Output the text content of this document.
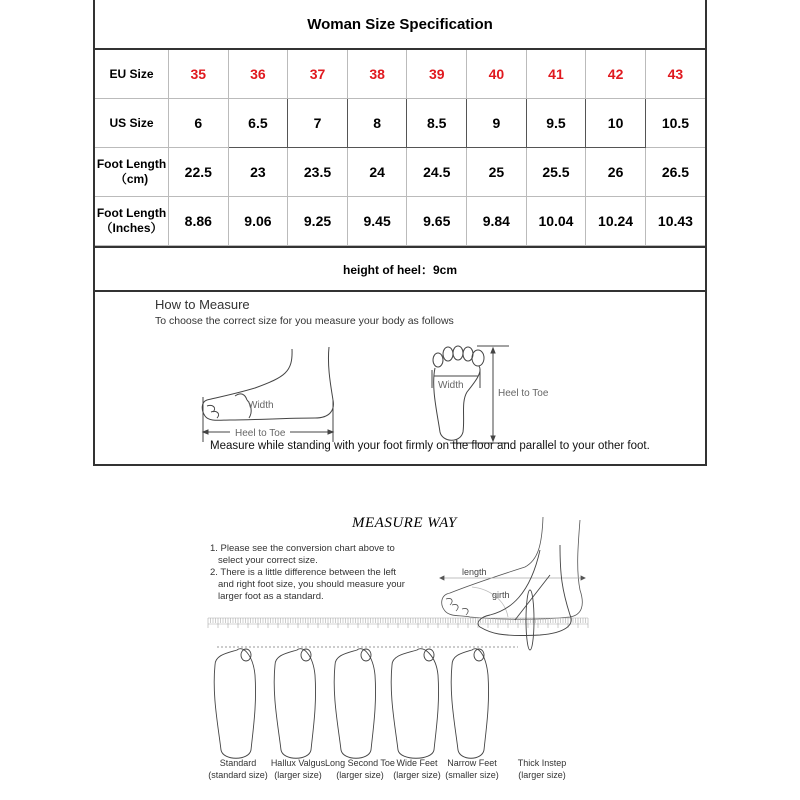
Woman Size Specification
EU Size	35	36	37	38	39	40	41	42	43
US Size	6	6.5	7	8	8.5	9	9.5	10	10.5
Foot Length
（cm)	22.5	23	23.5	24	24.5	25	25.5	26	26.5
Foot Length
（Inches）	8.86	9.06	9.25	9.45	9.65	9.84	10.04	10.24	10.43
height of heel：9cm
Width
Heel to Toe
Width
Heel to Toe
How to Measure
To choose the correct size for you measure your body as follows
Measure while standing with your foot firmly on the floor and parallel to your other foot.
length
girth
MEASURE WAY
1. Please see the conversion chart above to select your correct size.
2. There is a little difference between the left and right foot size, you should measure your larger foot as a standard.
Standard
(standard size)
Hallux Valgus
(larger size)
Long Second Toe
(larger size)
Wide Feet
(larger size)
Narrow Feet
(smaller size)
Thick Instep
(larger size)
